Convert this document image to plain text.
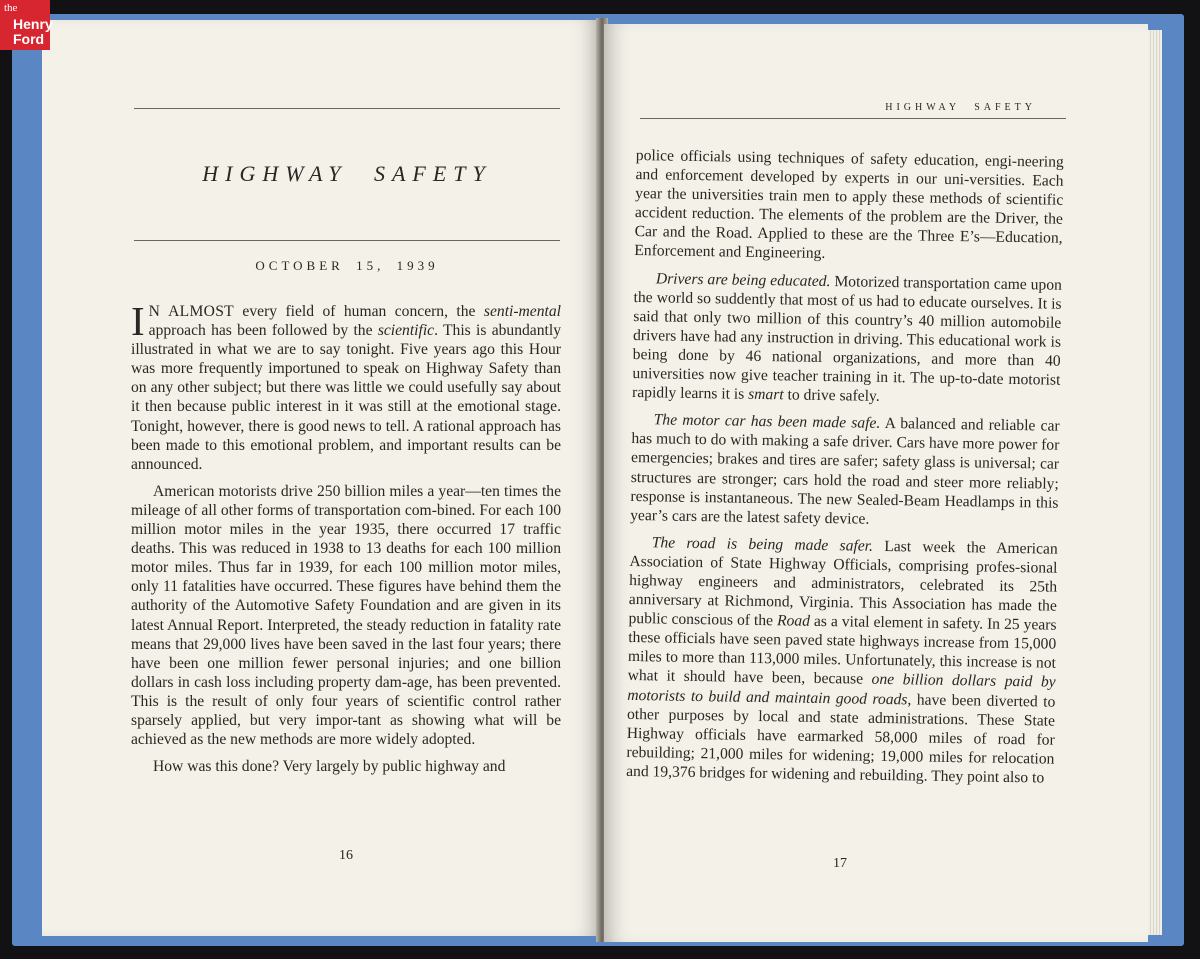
HIGHWAY SAFETY
OCTOBER 15, 1939

I N ALMOST every field of human concern, the senti-mental approach has been followed by the scientific. This is abundantly illustrated in what we are to say tonight. Five years ago this Hour was more frequently importuned to speak on Highway Safety than on any other subject; but there was little we could usefully say about it then because public interest in it was still at the emotional stage. Tonight, however, there is good news to tell. A rational approach has been made to this emotional problem, and important results can be announced.

American motorists drive 250 billion miles a year—ten times the mileage of all other forms of transportation com-bined. For each 100 million motor miles in the year 1935, there occurred 17 traffic deaths. This was reduced in 1938 to 13 deaths for each 100 million motor miles. Thus far in 1939, for each 100 million motor miles, only 11 fatalities have occurred. These figures have behind them the authority of the Automotive Safety Foundation and are given in its latest Annual Report. Interpreted, the steady reduction in fatality rate means that 29,000 lives have been saved in the last four years; there have been one million fewer personal injuries; and one billion dollars in cash loss including property dam-age, has been prevented. This is the result of only four years of scientific control rather sparsely applied, but very impor-tant as showing what will be achieved as the new methods are more widely adopted.

How was this done? Very largely by public highway and

16
HIGHWAY SAFETY

police officials using techniques of safety education, engi-neering and enforcement developed by experts in our uni-versities. Each year the universities train men to apply these methods of scientific accident reduction. The elements of the problem are the Driver, the Car and the Road. Applied to these are the Three E’s—Education, Enforcement and Engineering.

Drivers are being educated. Motorized transportation came upon the world so suddently that most of us had to educate ourselves. It is said that only two million of this country’s 40 million automobile drivers have had any instruction in driving. This educational work is being done by 46 national organizations, and more than 40 universities now give teacher training in it. The up-to-date motorist rapidly learns it is smart to drive safely.

The motor car has been made safe. A balanced and reliable car has much to do with making a safe driver. Cars have more power for emergencies; brakes and tires are safer; safety glass is universal; car structures are stronger; cars hold the road and steer more reliably; response is instantaneous. The new Sealed-Beam Headlamps in this year’s cars are the latest safety device.

The road is being made safer. Last week the American Association of State Highway Officials, comprising profes-sional highway engineers and administrators, celebrated its 25th anniversary at Richmond, Virginia. This Association has made the public conscious of the Road as a vital element in safety. In 25 years these officials have seen paved state highways increase from 15,000 miles to more than 113,000 miles. Unfortunately, this increase is not what it should have been, because one billion dollars paid by motorists to build and maintain good roads, have been diverted to other purposes by local and state administrations. These State Highway officials have earmarked 58,000 miles of road for rebuilding; 21,000 miles for widening; 19,000 miles for relocation and 19,376 bridges for widening and rebuilding. They point also to

17
the
Henry
Ford
